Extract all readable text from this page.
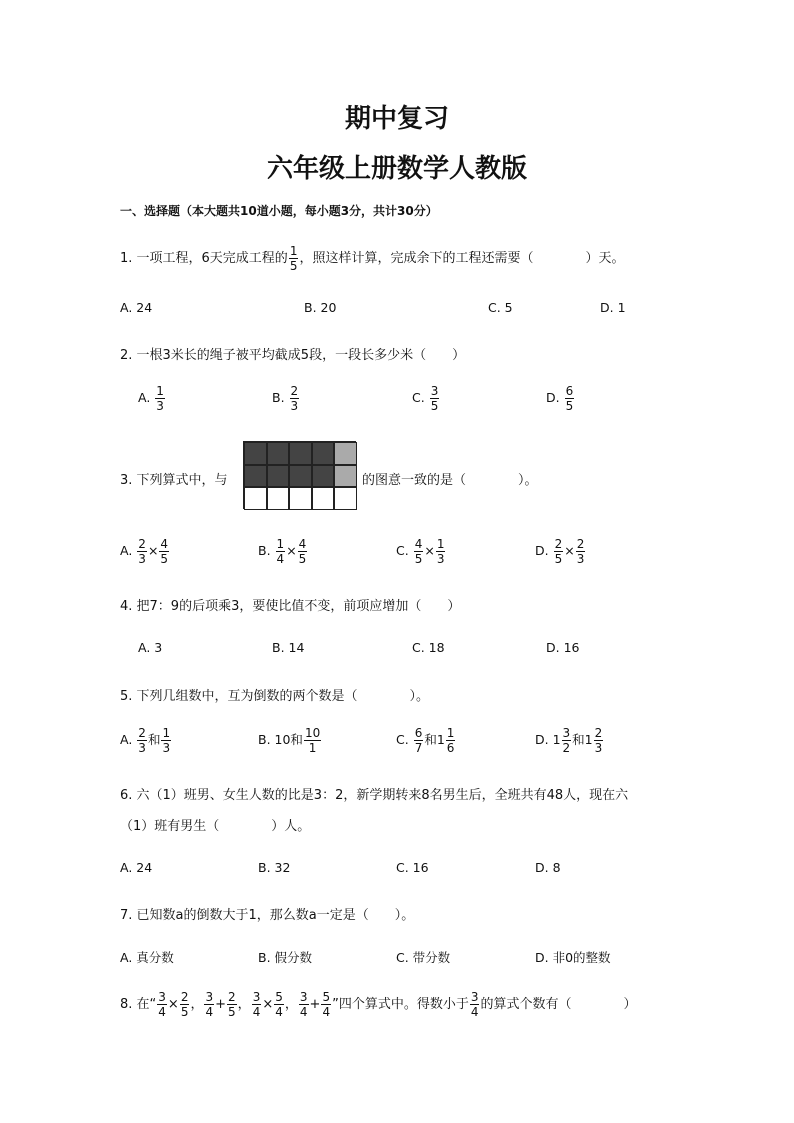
期中复习
六年级上册数学人教版
一、选择题（本大题共10道小题，每小题3分，共计30分）
1. 一项工程，6天完成工程的 $\frac{1}{5}$ ，照这样计算，完成余下的工程还需要（　　　　）天。
A. 24	B. 20	C. 5	D. 1
2. 一根3米长的绳子被平均截成5段，一段长多少米（　　）
A. $\frac{1}{3}$	B. $\frac{2}{3}$	C. $\frac{3}{5}$	D. $\frac{6}{5}$
3. 下列算式中，与	的图意一致的是（　　　　）。
A. $\frac{2}{3} \times \frac{4}{5}$	B. $\frac{1}{4} \times \frac{4}{5}$	C. $\frac{4}{5} \times \frac{1}{3}$	D. $\frac{2}{5} \times \frac{2}{3}$
4. 把7：9的后项乘3，要使比值不变，前项应增加（　　）
A. 3	B. 14	C. 18	D. 16
5. 下列几组数中，互为倒数的两个数是（　　　　）。
A. $\frac{2}{3}$ 和 $\frac{1}{3}$	B. 10和 $\frac{10}{1}$	C. $\frac{6}{7}$ 和$1 \frac{1}{6}$	D. $1 \frac{3}{2}$ 和$1 \frac{2}{3}$
6. 六（1）班男、女生人数的比是3：2，新学期转来8名男生后，全班共有48人，现在六
（1）班有男生（　　　　）人。
A. 24	B. 32	C. 16	D. 8
7. 已知数a的倒数大于1，那么数a一定是（　　）。
A. 真分数	B. 假分数	C. 带分数	D. 非0的整数
8. 在“ $\frac{3}{4} \times \frac{2}{5}$ ， $\frac{3}{4} + \frac{2}{5}$ ， $\frac{3}{4} \times \frac{5}{4}$ ， $\frac{3}{4} + \frac{5}{4}$ ”四个算式中。得数小于 $\frac{3}{4}$ 的算式个数有（　　　　）
